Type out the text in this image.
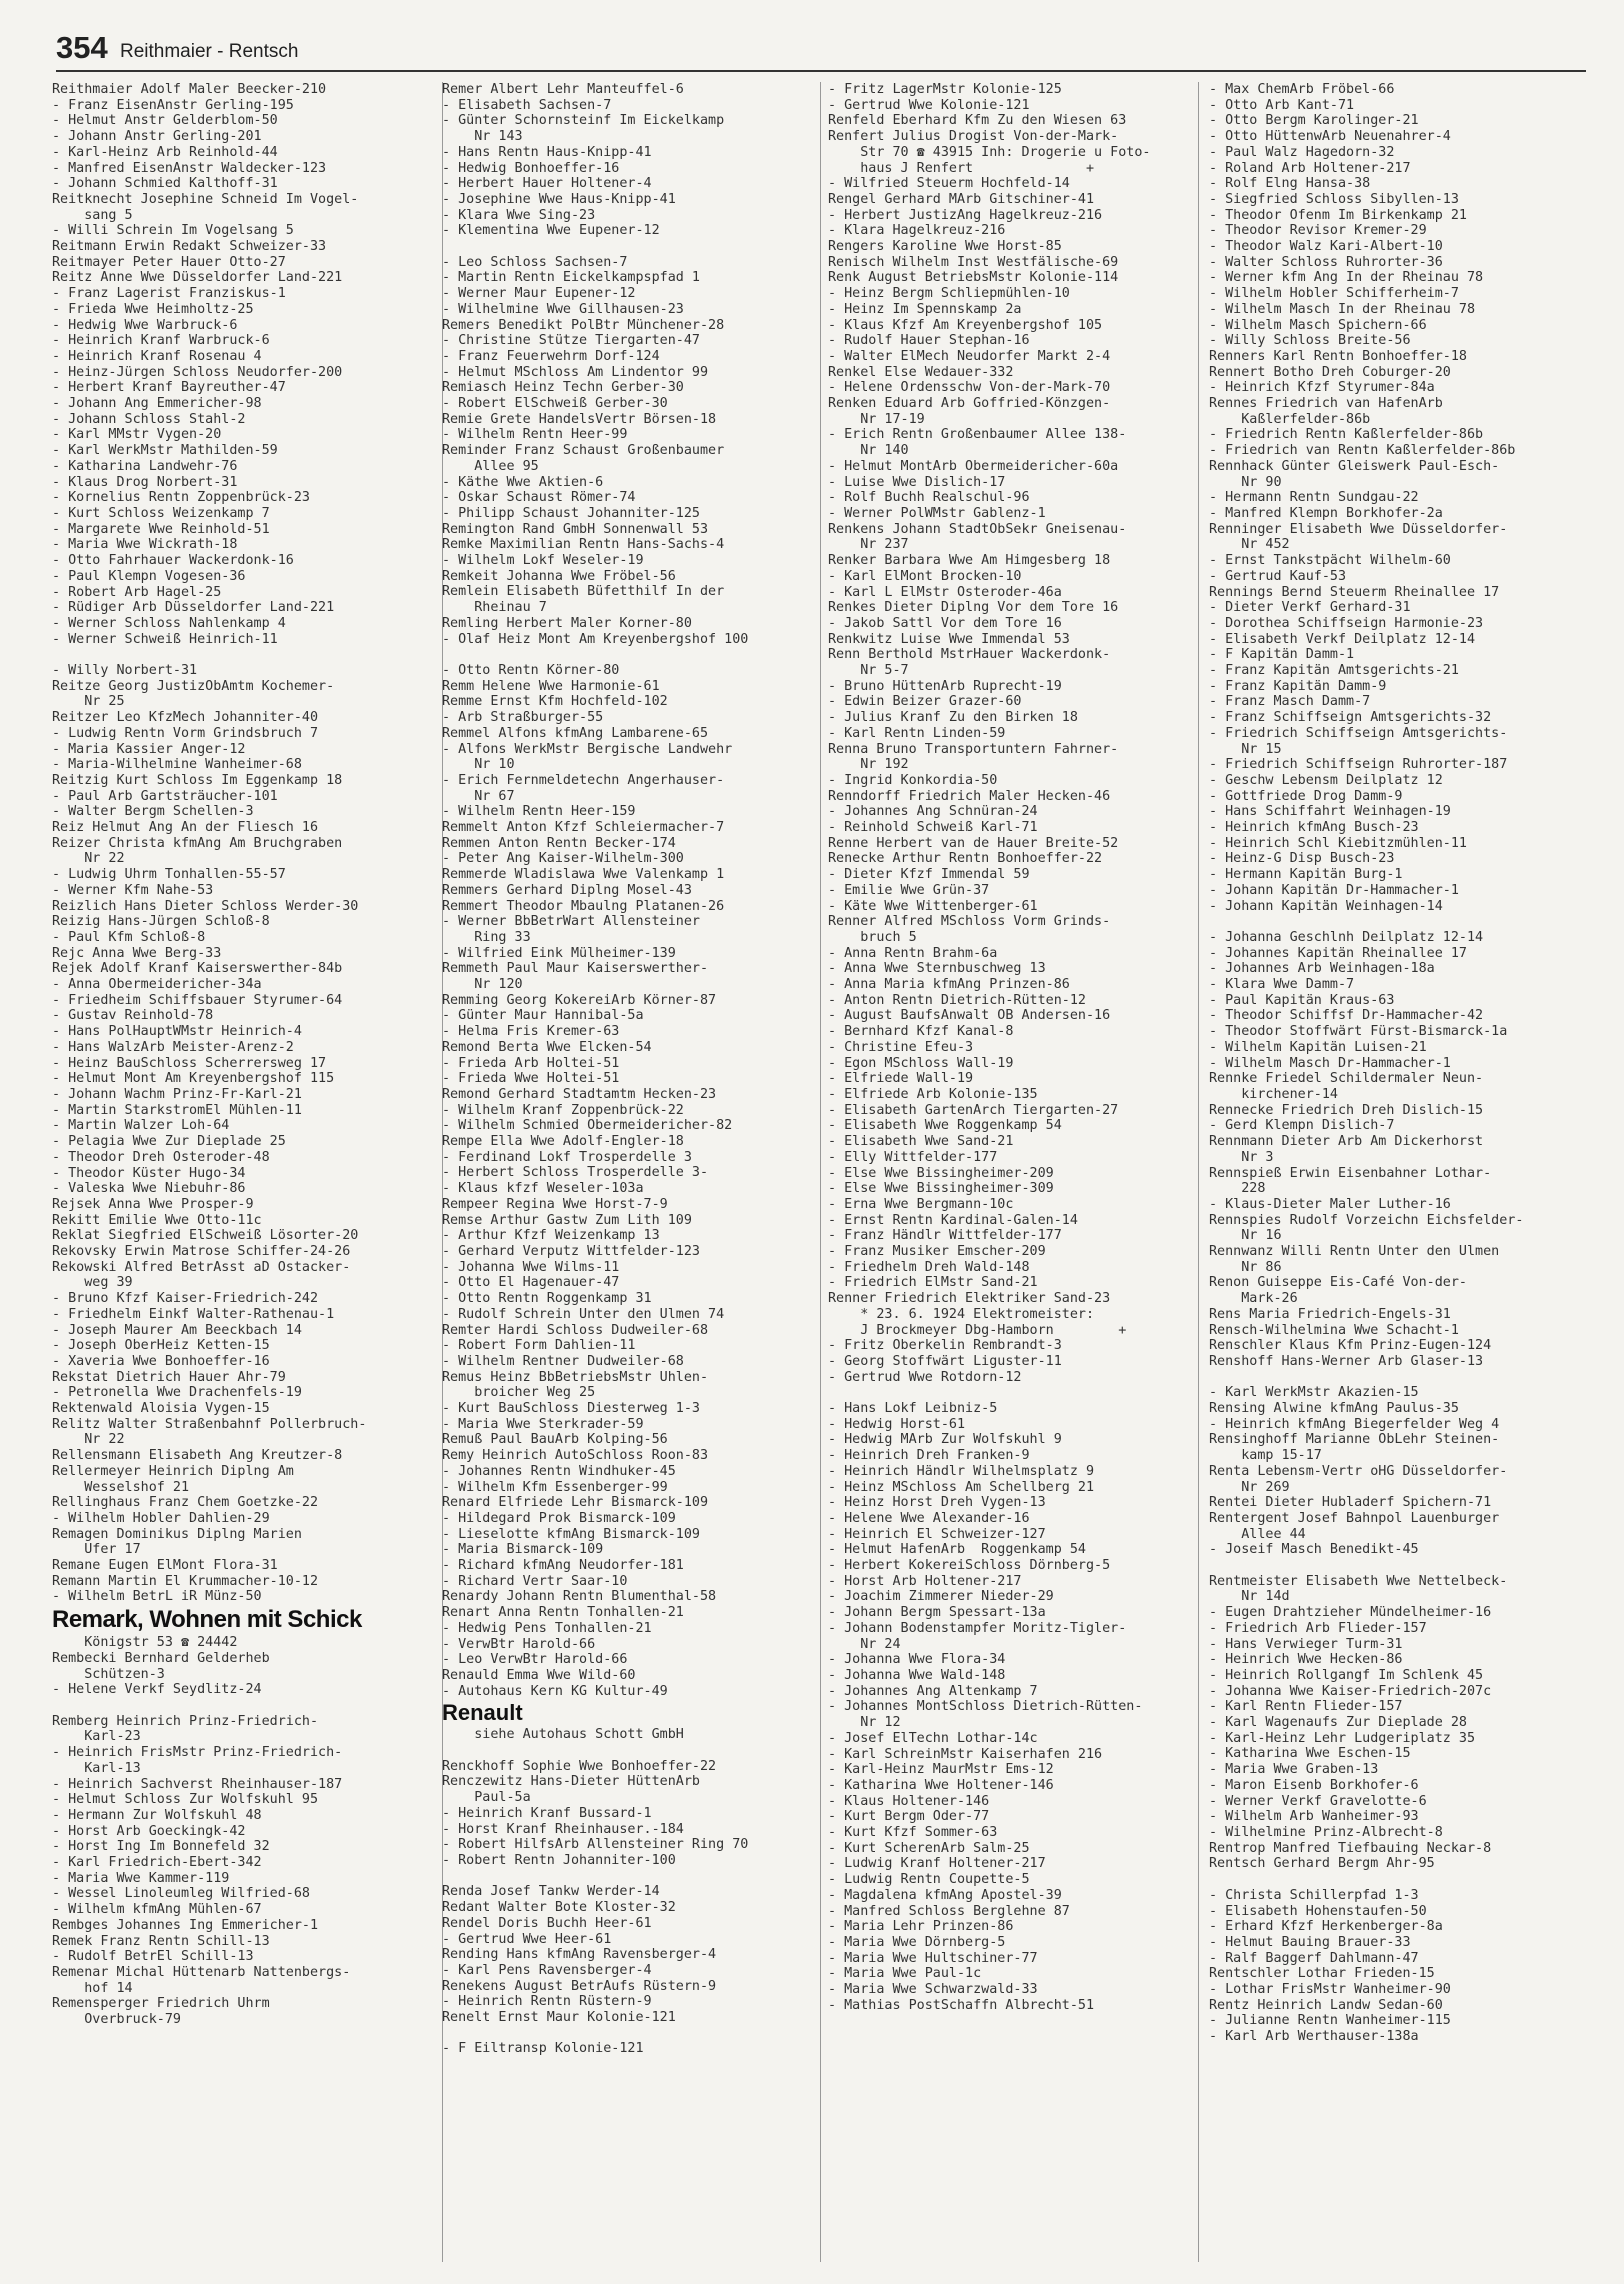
354 Reithmaier - Rentsch
Reithmaier Adolf Maler Beecker-210
- Franz EisenAnstr Gerling-195
- Helmut Anstr Gelderblom-50
- Johann Anstr Gerling-201
- Karl-Heinz Arb Reinhold-44
- Manfred EisenAnstr Waldecker-123
- Johann Schmied Kalthoff-31
Reitknecht Josephine Schneid Im Vogel-
sang 5
- Willi Schrein Im Vogelsang 5
Reitmann Erwin Redakt Schweizer-33
Reitmayer Peter Hauer Otto-27
Reitz Anne Wwe Düsseldorfer Land-221
- Franz Lagerist Franziskus-1
- Frieda Wwe Heimholtz-25
- Hedwig Wwe Warbruck-6
- Heinrich Kranf Warbruck-6
- Heinrich Kranf Rosenau 4
- Heinz-Jürgen Schloss Neudorfer-200
- Herbert Kranf Bayreuther-47
- Johann Ang Emmericher-98
- Johann Schloss Stahl-2
- Karl MMstr Vygen-20
- Karl WerkMstr Mathilden-59
- Katharina Landwehr-76
- Klaus Drog Norbert-31
- Kornelius Rentn Zoppenbrück-23
- Kurt Schloss Weizenkamp 7
- Margarete Wwe Reinhold-51
- Maria Wwe Wickrath-18
- Otto Fahrhauer Wackerdonk-16
- Paul Klempn Vogesen-36
- Robert Arb Hagel-25
- Rüdiger Arb Düsseldorfer Land-221
- Werner Schloss Nahlenkamp 4
- Werner Schweiß Heinrich-11
- Willy Norbert-31
Reitze Georg JustizObAmtm Kochemer-
Nr 25
Reitzer Leo KfzMech Johanniter-40
- Ludwig Rentn Vorm Grindsbruch 7
- Maria Kassier Anger-12
- Maria-Wilhelmine Wanheimer-68
Reitzig Kurt Schloss Im Eggenkamp 18
- Paul Arb Gartsträucher-101
- Walter Bergm Schellen-3
Reiz Helmut Ang An der Fliesch 16
Reizer Christa kfmAng Am Bruchgraben
Nr 22
- Ludwig Uhrm Tonhallen-55-57
- Werner Kfm Nahe-53
Reizlich Hans Dieter Schloss Werder-30
Reizig Hans-Jürgen Schloß-8
- Paul Kfm Schloß-8
Rejc Anna Wwe Berg-33
Rejek Adolf Kranf Kaiserswerther-84b
- Anna Obermeidericher-34a
- Friedheim Schiffsbauer Styrumer-64
- Gustav Reinhold-78
- Hans PolHauptWMstr Heinrich-4
- Hans WalzArb Meister-Arenz-2
- Heinz BauSchloss Scherrersweg 17
- Helmut Mont Am Kreyenbergshof 115
- Johann Wachm Prinz-Fr-Karl-21
- Martin StarkstromEl Mühlen-11
- Martin Walzer Loh-64
- Pelagia Wwe Zur Dieplade 25
- Theodor Dreh Osteroder-48
- Theodor Küster Hugo-34
- Valeska Wwe Niebuhr-86
Rejsek Anna Wwe Prosper-9
Rekitt Emilie Wwe Otto-11c
Reklat Siegfried ElSchweiß Lösorter-20
Rekovsky Erwin Matrose Schiffer-24-26
Rekowski Alfred BetrAsst aD Ostacker-
weg 39
- Bruno Kfzf Kaiser-Friedrich-242
- Friedhelm Einkf Walter-Rathenau-1
- Joseph Maurer Am Beeckbach 14
- Joseph OberHeiz Ketten-15
- Xaveria Wwe Bonhoeffer-16
Rekstat Dietrich Hauer Ahr-79
- Petronella Wwe Drachenfels-19
Rektenwald Aloisia Vygen-15
Relitz Walter Straßenbahnf Pollerbruch-
Nr 22
Rellensmann Elisabeth Ang Kreutzer-8
Rellermeyer Heinrich Diplng Am
Wesselshof 21
Rellinghaus Franz Chem Goetzke-22
- Wilhelm Hobler Dahlien-29
Remagen Dominikus Diplng Marien
Ufer 17
Remane Eugen ElMont Flora-31
Remann Martin El Krummacher-10-12
- Wilhelm BetrL iR Münz-50
Remark, Wohnen mit Schick
Königstr 53 ☎ 24442
Rembecki Bernhard Gelderheb
Schützen-3
- Helene Verkf Seydlitz-24
Remberg Heinrich Prinz-Friedrich-
Karl-23
- Heinrich FrisMstr Prinz-Friedrich-
Karl-13
- Heinrich Sachverst Rheinhauser-187
- Helmut Schloss Zur Wolfskuhl 95
- Hermann Zur Wolfskuhl 48
- Horst Arb Goeckingk-42
- Horst Ing Im Bonnefeld 32
- Karl Friedrich-Ebert-342
- Maria Wwe Kammer-119
- Wessel Linoleumleg Wilfried-68
- Wilhelm kfmAng Mühlen-67
Rembges Johannes Ing Emmericher-1
Remek Franz Rentn Schill-13
- Rudolf BetrEl Schill-13
Remenar Michal Hüttenarb Nattenbergs-
hof 14
Remensperger Friedrich Uhrm
Overbruck-79
Remer Albert Lehr Manteuffel-6
- Elisabeth Sachsen-7
- Günter Schornsteinf Im Eickelkamp
Nr 143
- Hans Rentn Haus-Knipp-41
- Hedwig Bonhoeffer-16
- Herbert Hauer Holtener-4
- Josephine Wwe Haus-Knipp-41
- Klara Wwe Sing-23
- Klementina Wwe Eupener-12
- Leo Schloss Sachsen-7
- Martin Rentn Eickelkampspfad 1
- Werner Maur Eupener-12
- Wilhelmine Wwe Gillhausen-23
Remers Benedikt PolBtr Münchener-28
- Christine Stütze Tiergarten-47
- Franz Feuerwehrm Dorf-124
- Helmut MSchloss Am Lindentor 99
Remiasch Heinz Techn Gerber-30
- Robert ElSchweiß Gerber-30
Remie Grete HandelsVertr Börsen-18
- Wilhelm Rentn Heer-99
Reminder Franz Schaust Großenbaumer
Allee 95
- Käthe Wwe Aktien-6
- Oskar Schaust Römer-74
- Philipp Schaust Johanniter-125
Remington Rand GmbH Sonnenwall 53
Remke Maximilian Rentn Hans-Sachs-4
- Wilhelm Lokf Weseler-19
Remkeit Johanna Wwe Fröbel-56
Remlein Elisabeth Büfetthilf In der
Rheinau 7
Remling Herbert Maler Korner-80
- Olaf Heiz Mont Am Kreyenbergshof 100
- Otto Rentn Körner-80
Remm Helene Wwe Harmonie-61
Remme Ernst Kfm Hochfeld-102
- Arb Straßburger-55
Remmel Alfons kfmAng Lambarene-65
- Alfons WerkMstr Bergische Landwehr
Nr 10
- Erich Fernmeldetechn Angerhauser-
Nr 67
- Wilhelm Rentn Heer-159
Remmelt Anton Kfzf Schleiermacher-7
Remmen Anton Rentn Becker-174
- Peter Ang Kaiser-Wilhelm-300
Remmerde Wladislawa Wwe Valenkamp 1
Remmers Gerhard Diplng Mosel-43
Remmert Theodor Mbaulng Platanen-26
- Werner BbBetrWart Allensteiner
Ring 33
- Wilfried Eink Mülheimer-139
Remmeth Paul Maur Kaiserswerther-
Nr 120
Remming Georg KokereiArb Körner-87
- Günter Maur Hannibal-5a
- Helma Fris Kremer-63
Remond Berta Wwe Elcken-54
- Frieda Arb Holtei-51
- Frieda Wwe Holtei-51
Remond Gerhard Stadtamtm Hecken-23
- Wilhelm Kranf Zoppenbrück-22
- Wilhelm Schmied Obermeidericher-82
Rempe Ella Wwe Adolf-Engler-18
- Ferdinand Lokf Trosperdelle 3
- Herbert Schloss Trosperdelle 3-
- Klaus kfzf Weseler-103a
Rempeer Regina Wwe Horst-7-9
Remse Arthur Gastw Zum Lith 109
- Arthur Kfzf Weizenkamp 13
- Gerhard Verputz Wittfelder-123
- Johanna Wwe Wilms-11
- Otto El Hagenauer-47
- Otto Rentn Roggenkamp 31
- Rudolf Schrein Unter den Ulmen 74
Remter Hardi Schloss Dudweiler-68
- Robert Form Dahlien-11
- Wilhelm Rentner Dudweiler-68
Remus Heinz BbBetriebsMstr Uhlen-
broicher Weg 25
- Kurt BauSchloss Diesterweg 1-3
- Maria Wwe Sterkrader-59
Remuß Paul BauArb Kolping-56
Remy Heinrich AutoSchloss Roon-83
- Johannes Rentn Windhuker-45
- Wilhelm Kfm Essenberger-99
Renard Elfriede Lehr Bismarck-109
- Hildegard Prok Bismarck-109
- Lieselotte kfmAng Bismarck-109
- Maria Bismarck-109
- Richard kfmAng Neudorfer-181
- Richard Vertr Saar-10
Renardy Johann Rentn Blumenthal-58
Renart Anna Rentn Tonhallen-21
- Hedwig Pens Tonhallen-21
- VerwBtr Harold-66
- Leo VerwBtr Harold-66
Renauld Emma Wwe Wild-60
- Autohaus Kern KG Kultur-49
Renault
siehe Autohaus Schott GmbH
Renckhoff Sophie Wwe Bonhoeffer-22
Renczewitz Hans-Dieter HüttenArb
Paul-5a
- Heinrich Kranf Bussard-1
- Horst Kranf Rheinhauser.-184
- Robert HilfsArb Allensteiner Ring 70
- Robert Rentn Johanniter-100
Renda Josef Tankw Werder-14
Redant Walter Bote Kloster-32
Rendel Doris Buchh Heer-61
- Gertrud Wwe Heer-61
Rending Hans kfmAng Ravensberger-4
- Karl Pens Ravensberger-4
Renekens August BetrAufs Rüstern-9
- Heinrich Rentn Rüstern-9
Renelt Ernst Maur Kolonie-121
- F Eiltransp Kolonie-121
- Fritz LagerMstr Kolonie-125
- Gertrud Wwe Kolonie-121
Renfeld Eberhard Kfm Zu den Wiesen 63
Renfert Julius Drogist Von-der-Mark-
Str 70 ☎ 43915 Inh: Drogerie u Foto-
haus J Renfert              +
- Wilfried Steuerm Hochfeld-14
Rengel Gerhard MArb Gitschiner-41
- Herbert JustizAng Hagelkreuz-216
- Klara Hagelkreuz-216
Rengers Karoline Wwe Horst-85
Renisch Wilhelm Inst Westfälische-69
Renk August BetriebsMstr Kolonie-114
- Heinz Bergm Schliepmühlen-10
- Heinz Im Spennskamp 2a
- Klaus Kfzf Am Kreyenbergshof 105
- Rudolf Hauer Stephan-16
- Walter ElMech Neudorfer Markt 2-4
Renkel Else Wedauer-332
- Helene Ordensschw Von-der-Mark-70
Renken Eduard Arb Goffried-Könzgen-
Nr 17-19
- Erich Rentn Großenbaumer Allee 138-
Nr 140
- Helmut MontArb Obermeidericher-60a
- Luise Wwe Dislich-17
- Rolf Buchh Realschul-96
- Werner PolWMstr Gablenz-1
Renkens Johann StadtObSekr Gneisenau-
Nr 237
Renker Barbara Wwe Am Himgesberg 18
- Karl ElMont Brocken-10
- Karl L ElMstr Osteroder-46a
Renkes Dieter Diplng Vor dem Tore 16
- Jakob Sattl Vor dem Tore 16
Renkwitz Luise Wwe Immendal 53
Renn Berthold MstrHauer Wackerdonk-
Nr 5-7
- Bruno HüttenArb Ruprecht-19
- Edwin Beizer Grazer-60
- Julius Kranf Zu den Birken 18
- Karl Rentn Linden-59
Renna Bruno Transportuntern Fahrner-
Nr 192
- Ingrid Konkordia-50
Renndorff Friedrich Maler Hecken-46
- Johannes Ang Schnüran-24
- Reinhold Schweiß Karl-71
Renne Herbert van de Hauer Breite-52
Renecke Arthur Rentn Bonhoeffer-22
- Dieter Kfzf Immendal 59
- Emilie Wwe Grün-37
- Käte Wwe Wittenberger-61
Renner Alfred MSchloss Vorm Grinds-
bruch 5
- Anna Rentn Brahm-6a
- Anna Wwe Sternbuschweg 13
- Anna Maria kfmAng Prinzen-86
- Anton Rentn Dietrich-Rütten-12
- August BaufsAnwalt OB Andersen-16
- Bernhard Kfzf Kanal-8
- Christine Efeu-3
- Egon MSchloss Wall-19
- Elfriede Wall-19
- Elfriede Arb Kolonie-135
- Elisabeth GartenArch Tiergarten-27
- Elisabeth Wwe Roggenkamp 54
- Elisabeth Wwe Sand-21
- Elly Wittfelder-177
- Else Wwe Bissingheimer-209
- Else Wwe Bissingheimer-309
- Erna Wwe Bergmann-10c
- Ernst Rentn Kardinal-Galen-14
- Franz Händlr Wittfelder-177
- Franz Musiker Emscher-209
- Friedhelm Dreh Wald-148
- Friedrich ElMstr Sand-21
Renner Friedrich Elektriker Sand-23
* 23. 6. 1924 Elektromeister:
J Brockmeyer Dbg-Hamborn        +
- Fritz Oberkelin Rembrandt-3
- Georg Stoffwärt Liguster-11
- Gertrud Wwe Rotdorn-12
- Hans Lokf Leibniz-5
- Hedwig Horst-61
- Hedwig MArb Zur Wolfskuhl 9
- Heinrich Dreh Franken-9
- Heinrich Händlr Wilhelmsplatz 9
- Heinz MSchloss Am Schellberg 21
- Heinz Horst Dreh Vygen-13
- Helene Wwe Alexander-16
- Heinrich El Schweizer-127
- Helmut HafenArb  Roggenkamp 54
- Herbert KokereiSchloss Dörnberg-5
- Horst Arb Holtener-217
- Joachim Zimmerer Nieder-29
- Johann Bergm Spessart-13a
- Johann Bodenstampfer Moritz-Tigler-
Nr 24
- Johanna Wwe Flora-34
- Johanna Wwe Wald-148
- Johannes Ang Altenkamp 7
- Johannes MontSchloss Dietrich-Rütten-
Nr 12
- Josef ElTechn Lothar-14c
- Karl SchreinMstr Kaiserhafen 216
- Karl-Heinz MaurMstr Ems-12
- Katharina Wwe Holtener-146
- Klaus Holtener-146
- Kurt Bergm Oder-77
- Kurt Kfzf Sommer-63
- Kurt ScherenArb Salm-25
- Ludwig Kranf Holtener-217
- Ludwig Rentn Coupette-5
- Magdalena kfmAng Apostel-39
- Manfred Schloss Berglehne 87
- Maria Lehr Prinzen-86
- Maria Wwe Dörnberg-5
- Maria Wwe Hultschiner-77
- Maria Wwe Paul-1c
- Maria Wwe Schwarzwald-33
- Mathias PostSchaffn Albrecht-51
- Max ChemArb Fröbel-66
- Otto Arb Kant-71
- Otto Bergm Karolinger-21
- Otto HüttenwArb Neuenahrer-4
- Paul Walz Hagedorn-32
- Roland Arb Holtener-217
- Rolf Elng Hansa-38
- Siegfried Schloss Sibyllen-13
- Theodor Ofenm Im Birkenkamp 21
- Theodor Revisor Kremer-29
- Theodor Walz Kari-Albert-10
- Walter Schloss Ruhrorter-36
- Werner kfm Ang In der Rheinau 78
- Wilhelm Hobler Schifferheim-7
- Wilhelm Masch In der Rheinau 78
- Wilhelm Masch Spichern-66
- Willy Schloss Breite-56
Renners Karl Rentn Bonhoeffer-18
Rennert Botho Dreh Coburger-20
- Heinrich Kfzf Styrumer-84a
Rennes Friedrich van HafenArb
Kaßlerfelder-86b
- Friedrich Rentn Kaßlerfelder-86b
- Friedrich van Rentn Kaßlerfelder-86b
Rennhack Günter Gleiswerk Paul-Esch-
Nr 90
- Hermann Rentn Sundgau-22
- Manfred Klempn Borkhofer-2a
Renninger Elisabeth Wwe Düsseldorfer-
Nr 452
- Ernst Tankstpächt Wilhelm-60
- Gertrud Kauf-53
Rennings Bernd Steuerm Rheinallee 17
- Dieter Verkf Gerhard-31
- Dorothea Schiffseign Harmonie-23
- Elisabeth Verkf Deilplatz 12-14
- F Kapitän Damm-1
- Franz Kapitän Amtsgerichts-21
- Franz Kapitän Damm-9
- Franz Masch Damm-7
- Franz Schiffseign Amtsgerichts-32
- Friedrich Schiffseign Amtsgerichts-
Nr 15
- Friedrich Schiffseign Ruhrorter-187
- Geschw Lebensm Deilplatz 12
- Gottfriede Drog Damm-9
- Hans Schiffahrt Weinhagen-19
- Heinrich kfmAng Busch-23
- Heinrich Schl Kiebitzmühlen-11
- Heinz-G Disp Busch-23
- Hermann Kapitän Burg-1
- Johann Kapitän Dr-Hammacher-1
- Johann Kapitän Weinhagen-14
- Johanna Geschlnh Deilplatz 12-14
- Johannes Kapitän Rheinallee 17
- Johannes Arb Weinhagen-18a
- Klara Wwe Damm-7
- Paul Kapitän Kraus-63
- Theodor Schiffsf Dr-Hammacher-42
- Theodor Stoffwärt Fürst-Bismarck-1a
- Wilhelm Kapitän Luisen-21
- Wilhelm Masch Dr-Hammacher-1
Rennke Friedel Schildermaler Neun-
kirchener-14
Rennecke Friedrich Dreh Dislich-15
- Gerd Klempn Dislich-7
Rennmann Dieter Arb Am Dickerhorst
Nr 3
Rennspieß Erwin Eisenbahner Lothar-
228
- Klaus-Dieter Maler Luther-16
Rennspies Rudolf Vorzeichn Eichsfelder-
Nr 16
Rennwanz Willi Rentn Unter den Ulmen
Nr 86
Renon Guiseppe Eis-Café Von-der-
Mark-26
Rens Maria Friedrich-Engels-31
Rensch-Wilhelmina Wwe Schacht-1
Renschler Klaus Kfm Prinz-Eugen-124
Renshoff Hans-Werner Arb Glaser-13
- Karl WerkMstr Akazien-15
Rensing Alwine kfmAng Paulus-35
- Heinrich kfmAng Biegerfelder Weg 4
Rensinghoff Marianne ObLehr Steinen-
kamp 15-17
Renta Lebensm-Vertr oHG Düsseldorfer-
Nr 269
Rentei Dieter Hubladerf Spichern-71
Rentergent Josef Bahnpol Lauenburger
Allee 44
- Joseif Masch Benedikt-45
Rentmeister Elisabeth Wwe Nettelbeck-
Nr 14d
- Eugen Drahtzieher Mündelheimer-16
- Friedrich Arb Flieder-157
- Hans Verwieger Turm-31
- Heinrich Wwe Hecken-86
- Heinrich Rollgangf Im Schlenk 45
- Johanna Wwe Kaiser-Friedrich-207c
- Karl Rentn Flieder-157
- Karl Wagenaufs Zur Dieplade 28
- Karl-Heinz Lehr Ludgeriplatz 35
- Katharina Wwe Eschen-15
- Maria Wwe Graben-13
- Maron Eisenb Borkhofer-6
- Werner Verkf Gravelotte-6
- Wilhelm Arb Wanheimer-93
- Wilhelmine Prinz-Albrecht-8
Rentrop Manfred Tiefbauing Neckar-8
Rentsch Gerhard Bergm Ahr-95
- Christa Schillerpfad 1-3
- Elisabeth Hohenstaufen-50
- Erhard Kfzf Herkenberger-8a
- Helmut Bauing Brauer-33
- Ralf Baggerf Dahlmann-47
Rentschler Lothar Frieden-15
- Lothar FrisMstr Wanheimer-90
Rentz Heinrich Landw Sedan-60
- Julianne Rentn Wanheimer-115
- Karl Arb Werthauser-138a
